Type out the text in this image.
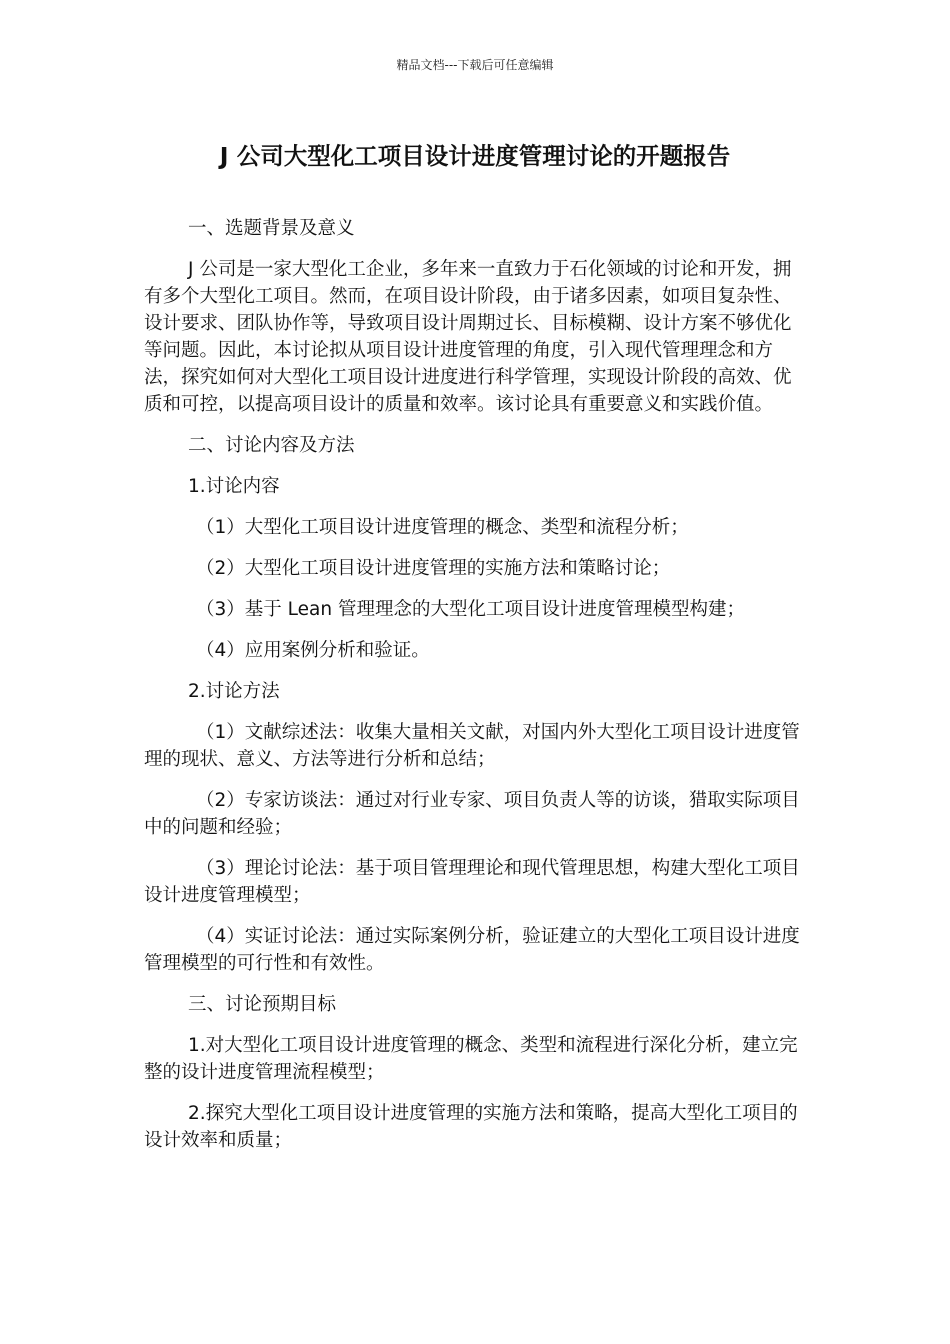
精品文档---下载后可任意编辑
J 公司大型化工项目设计进度管理讨论的开题报告

一、选题背景及意义

J 公司是一家大型化工企业，多年来一直致力于石化领域的讨论和开发，拥有多个大型化工项目。然而，在项目设计阶段，由于诸多因素，如项目复杂性、设计要求、团队协作等，导致项目设计周期过长、目标模糊、设计方案不够优化等问题。因此，本讨论拟从项目设计进度管理的角度，引入现代管理理念和方法，探究如何对大型化工项目设计进度进行科学管理，实现设计阶段的高效、优质和可控，以提高项目设计的质量和效率。该讨论具有重要意义和实践价值。

二、讨论内容及方法

1.讨论内容

（1）大型化工项目设计进度管理的概念、类型和流程分析；

（2）大型化工项目设计进度管理的实施方法和策略讨论；

（3）基于 Lean 管理理念的大型化工项目设计进度管理模型构建；

（4）应用案例分析和验证。

2.讨论方法

（1）文献综述法：收集大量相关文献，对国内外大型化工项目设计进度管理的现状、意义、方法等进行分析和总结；

（2）专家访谈法：通过对行业专家、项目负责人等的访谈，猎取实际项目中的问题和经验；

（3）理论讨论法：基于项目管理理论和现代管理思想，构建大型化工项目设计进度管理模型；

（4）实证讨论法：通过实际案例分析，验证建立的大型化工项目设计进度管理模型的可行性和有效性。

三、讨论预期目标

1.对大型化工项目设计进度管理的概念、类型和流程进行深化分析，建立完整的设计进度管理流程模型；

2.探究大型化工项目设计进度管理的实施方法和策略，提高大型化工项目的设计效率和质量；
